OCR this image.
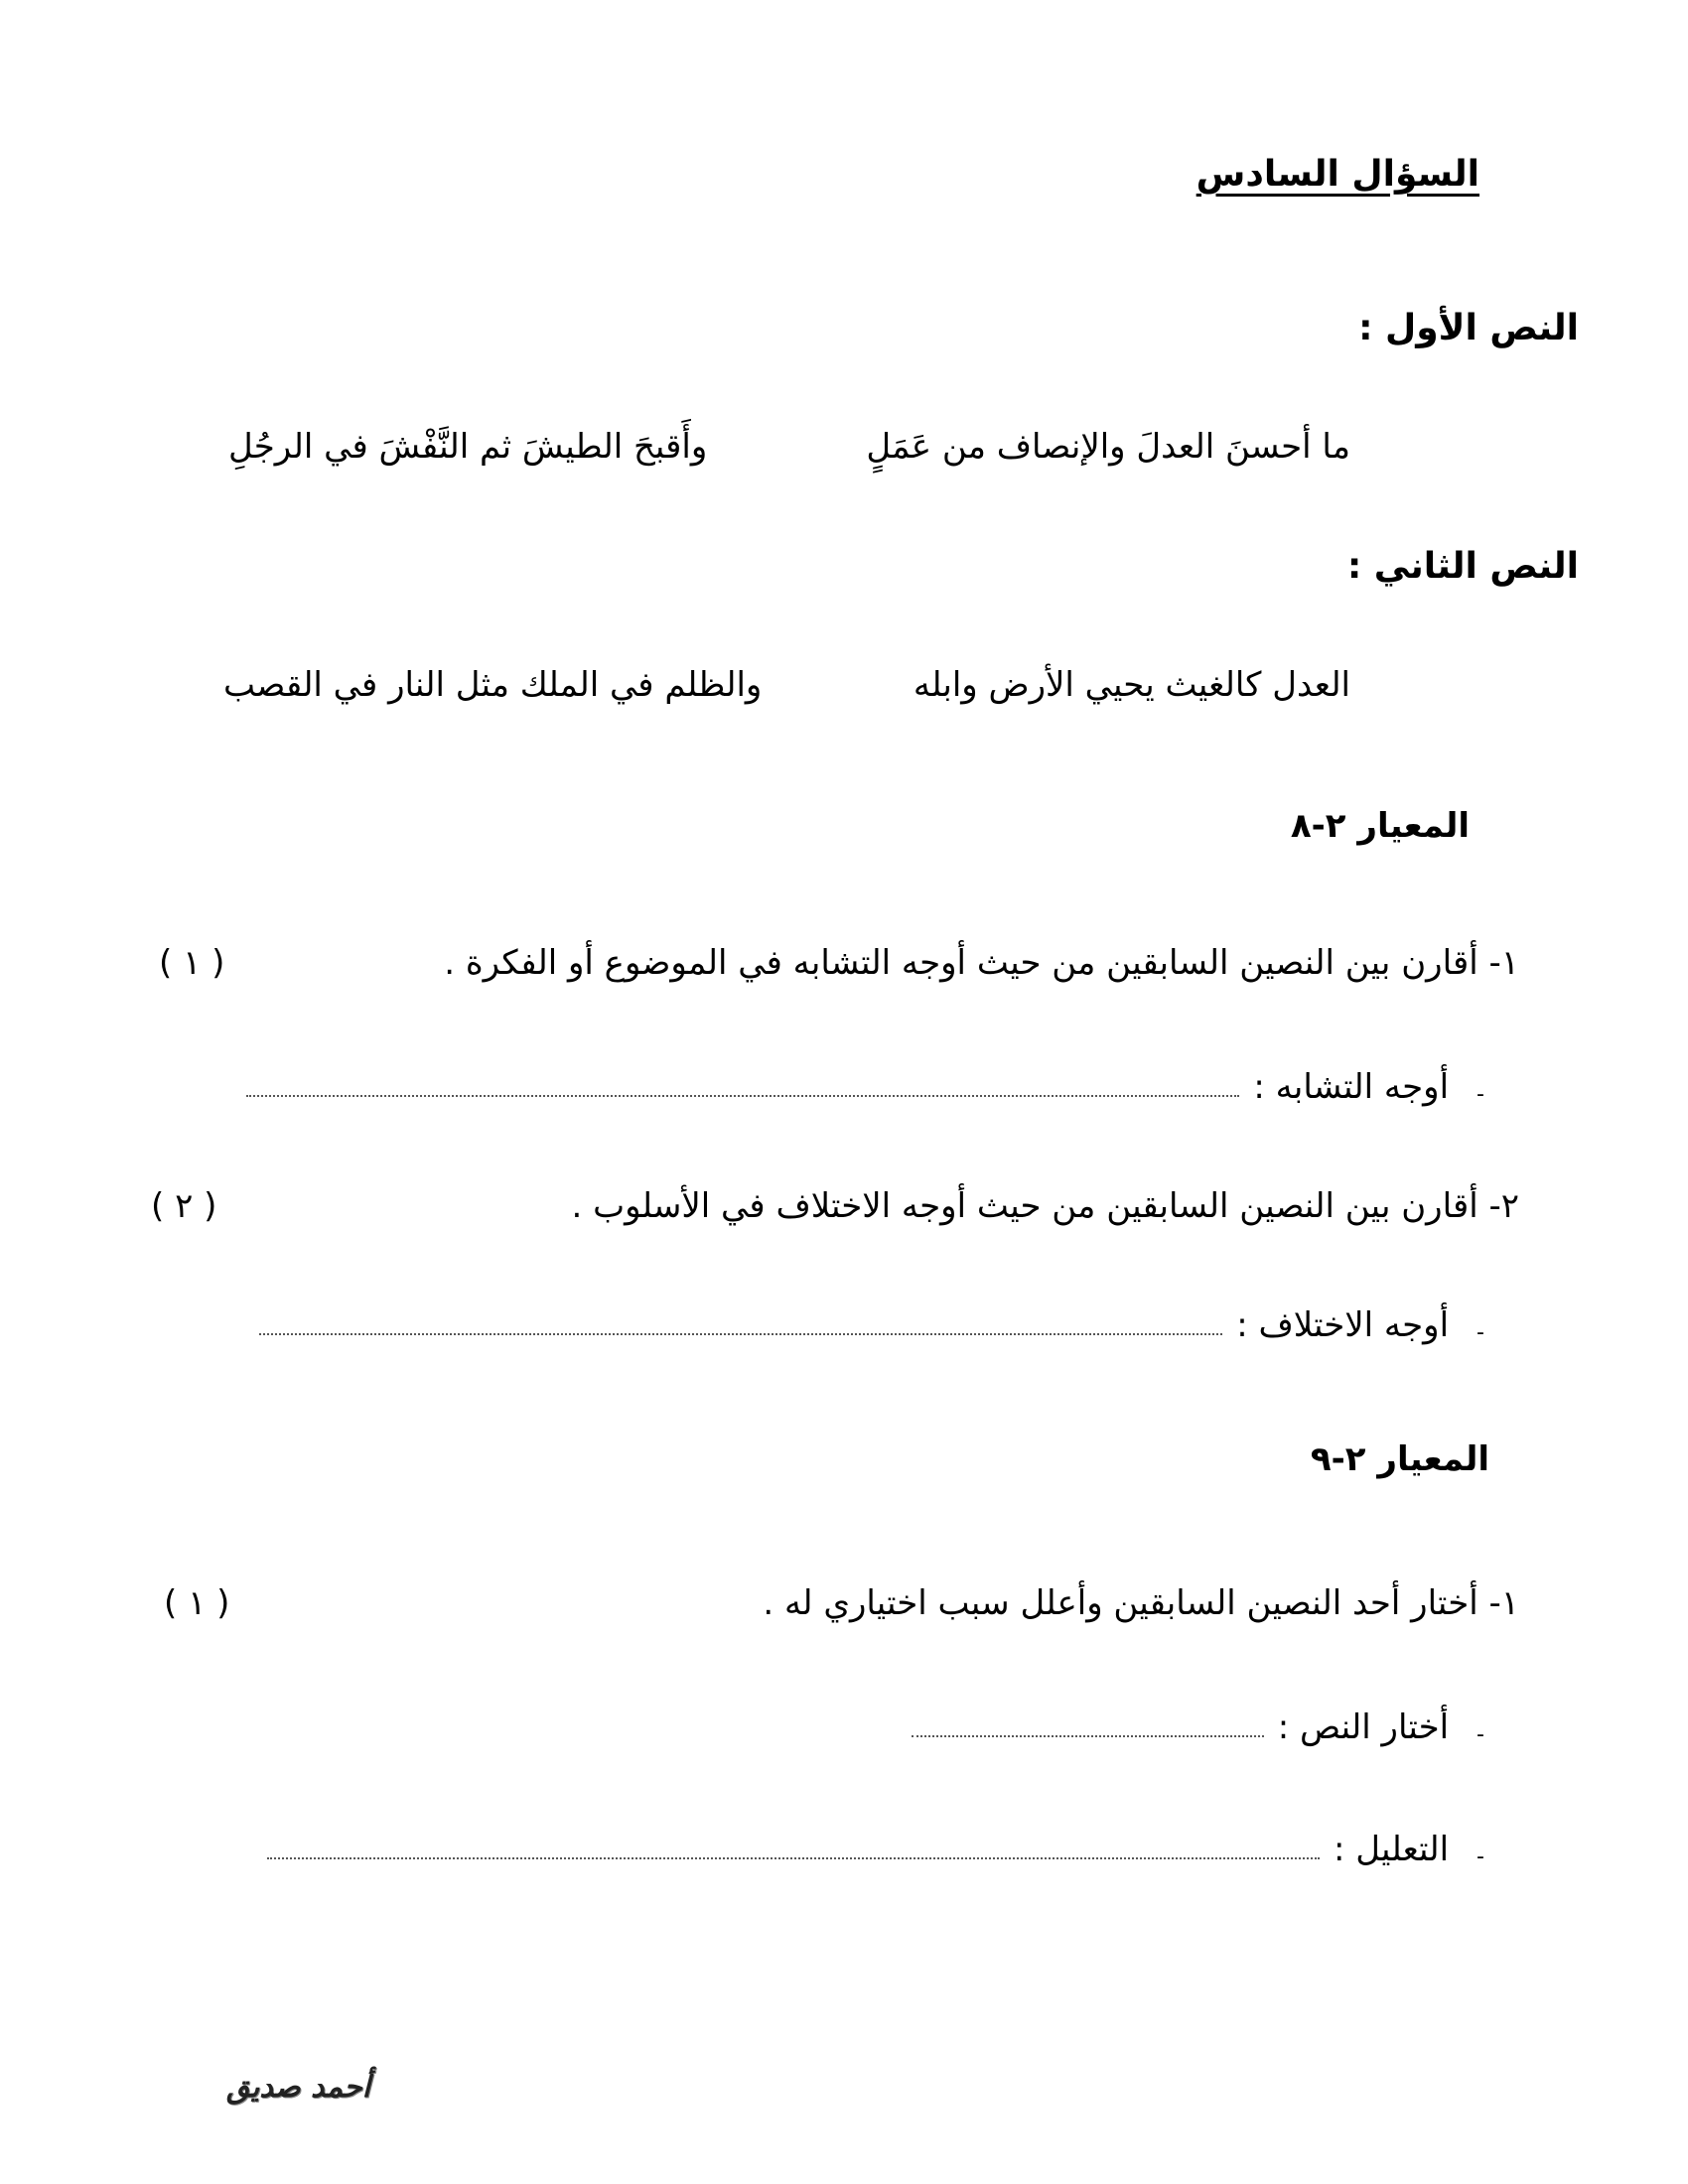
السؤال السادس
النص الأول :
ما أحسنَ العدلَ والإنصاف من عَمَلٍ
وأَقبحَ الطيشَ ثم النَّفْشَ في الرجُلِ
النص الثاني :
العدل كالغيث يحيي الأرض وابله
والظلم في الملك مثل النار في القصب
المعيار ٢-٨
١- أقارن بين النصين السابقين من حيث أوجه التشابه في الموضوع أو الفكرة .
( ١ )
-
أوجه التشابه :
٢- أقارن بين النصين السابقين من حيث أوجه الاختلاف في الأسلوب .
( ٢ )
-
أوجه الاختلاف :
المعيار ٢-٩
١- أختار أحد النصين السابقين وأعلل سبب اختياري له .
( ١ )
-
أختار النص :
-
التعليل :
أحمد صديق
